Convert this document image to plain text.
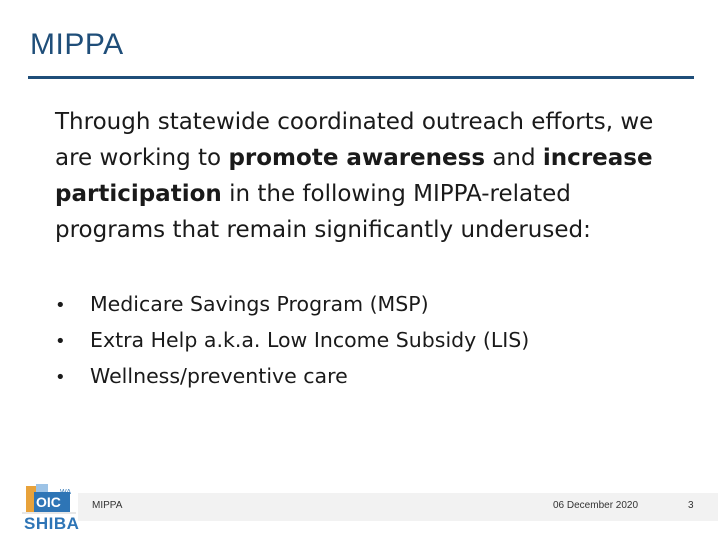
MIPPA
Through statewide coordinated outreach efforts, we are working to promote awareness and increase participation in the following MIPPA-related programs that remain significantly underused:
•	Medicare Savings Program (MSP)
•	Extra Help a.k.a. Low Income Subsidy (LIS)
•	Wellness/preventive care
MIPPA	06 December 2020	3
WA
OIC
SHIBA
